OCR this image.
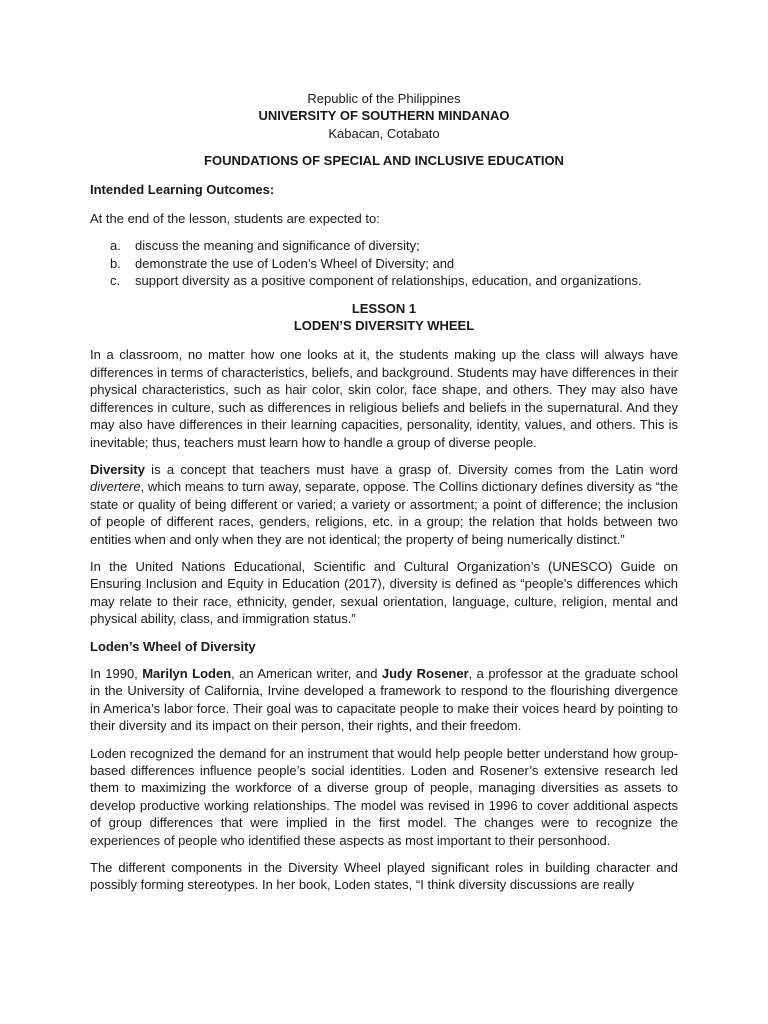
Republic of the Philippines
UNIVERSITY OF SOUTHERN MINDANAO
Kabacan, Cotabato
FOUNDATIONS OF SPECIAL AND INCLUSIVE EDUCATION
Intended Learning Outcomes:

At the end of the lesson, students are expected to:

a.	discuss the meaning and significance of diversity;
b.	demonstrate the use of Loden’s Wheel of Diversity; and
c.	support diversity as a positive component of relationships, education, and organizations.
LESSON 1
LODEN’S DIVERSITY WHEEL

In a classroom, no matter how one looks at it, the students making up the class will always have differences in terms of characteristics, beliefs, and background. Students may have differences in their physical characteristics, such as hair color, skin color, face shape, and others. They may also have differences in culture, such as differences in religious beliefs and beliefs in the supernatural. And they may also have differences in their learning capacities, personality, identity, values, and others. This is inevitable; thus, teachers must learn how to handle a group of diverse people.

Diversity is a concept that teachers must have a grasp of. Diversity comes from the Latin word divertere, which means to turn away, separate, oppose. The Collins dictionary defines diversity as “the state or quality of being different or varied; a variety or assortment; a point of difference; the inclusion of people of different races, genders, religions, etc. in a group; the relation that holds between two entities when and only when they are not identical; the property of being numerically distinct.”

In the United Nations Educational, Scientific and Cultural Organization’s (UNESCO) Guide on Ensuring Inclusion and Equity in Education (2017), diversity is defined as “people’s differences which may relate to their race, ethnicity, gender, sexual orientation, language, culture, religion, mental and physical ability, class, and immigration status.”

Loden’s Wheel of Diversity

In 1990, Marilyn Loden, an American writer, and Judy Rosener, a professor at the graduate school in the University of California, Irvine developed a framework to respond to the flourishing divergence in America’s labor force. Their goal was to capacitate people to make their voices heard by pointing to their diversity and its impact on their person, their rights, and their freedom.

Loden recognized the demand for an instrument that would help people better understand how group-based differences influence people’s social identities. Loden and Rosener’s extensive research led them to maximizing the workforce of a diverse group of people, managing diversities as assets to develop productive working relationships. The model was revised in 1996 to cover additional aspects of group differences that were implied in the first model. The changes were to recognize the experiences of people who identified these aspects as most important to their personhood.

The different components in the Diversity Wheel played significant roles in building character and possibly forming stereotypes. In her book, Loden states, “I think diversity discussions are really
